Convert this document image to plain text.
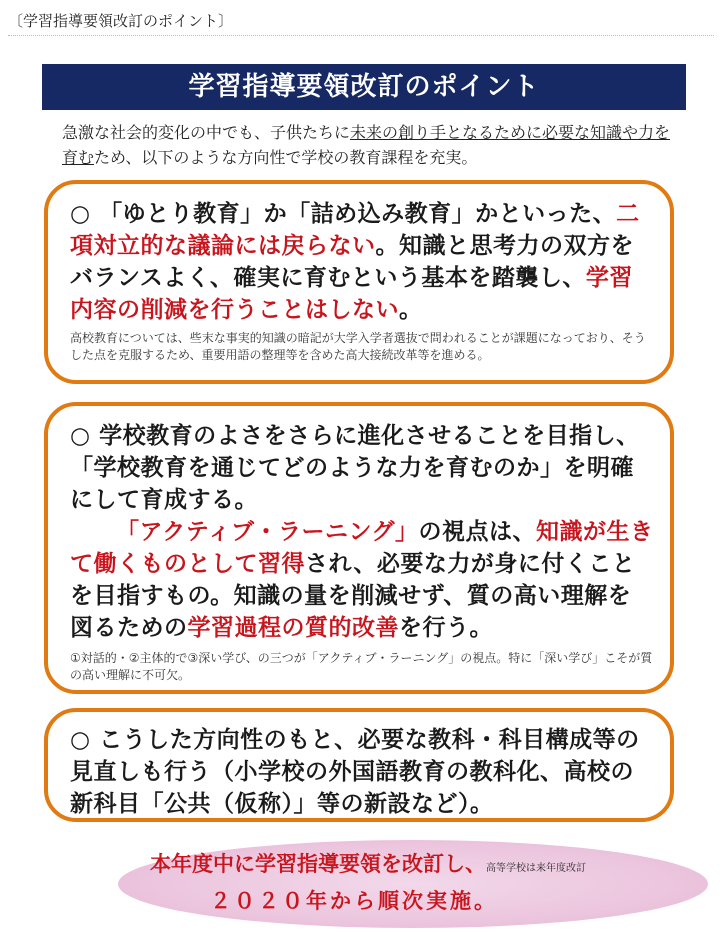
〔学習指導要領改訂のポイント〕
学習指導要領改訂のポイント
急激な社会的変化の中でも、子供たちに未来の創り手となるために必要な知識や力を育むため、以下のような方向性で学校の教育課程を充実。
○ 「ゆとり教育」か「詰め込み教育」かといった、二項対立的な議論には戻らない。知識と思考力の双方をバランスよく、確実に育むという基本を踏襲し、学習内容の削減を行うことはしない。
高校教育については、些末な事実的知識の暗記が大学入学者選抜で問われることが課題になっており、そうした点を克服するため、重要用語の整理等を含めた高大接続改革等を進める。
○ 学校教育のよさをさらに進化させることを目指し、「学校教育を通じてどのような力を育むのか」を明確にして育成する。
「アクティブ・ラーニング」の視点は、知識が生きて働くものとして習得され、必要な力が身に付くことを目指すもの。知識の量を削減せず、質の高い理解を図るための学習過程の質的改善を行う。
①対話的・②主体的で③深い学び、の三つが「アクティブ・ラーニング」の視点。特に「深い学び」こそが質の高い理解に不可欠。
○ こうした方向性のもと、必要な教科・科目構成等の見直しも行う（小学校の外国語教育の教科化、高校の新科目「公共（仮称）」等の新設など）。
本年度中に学習指導要領を改訂し、高等学校は来年度改訂
２０２０年から順次実施。
